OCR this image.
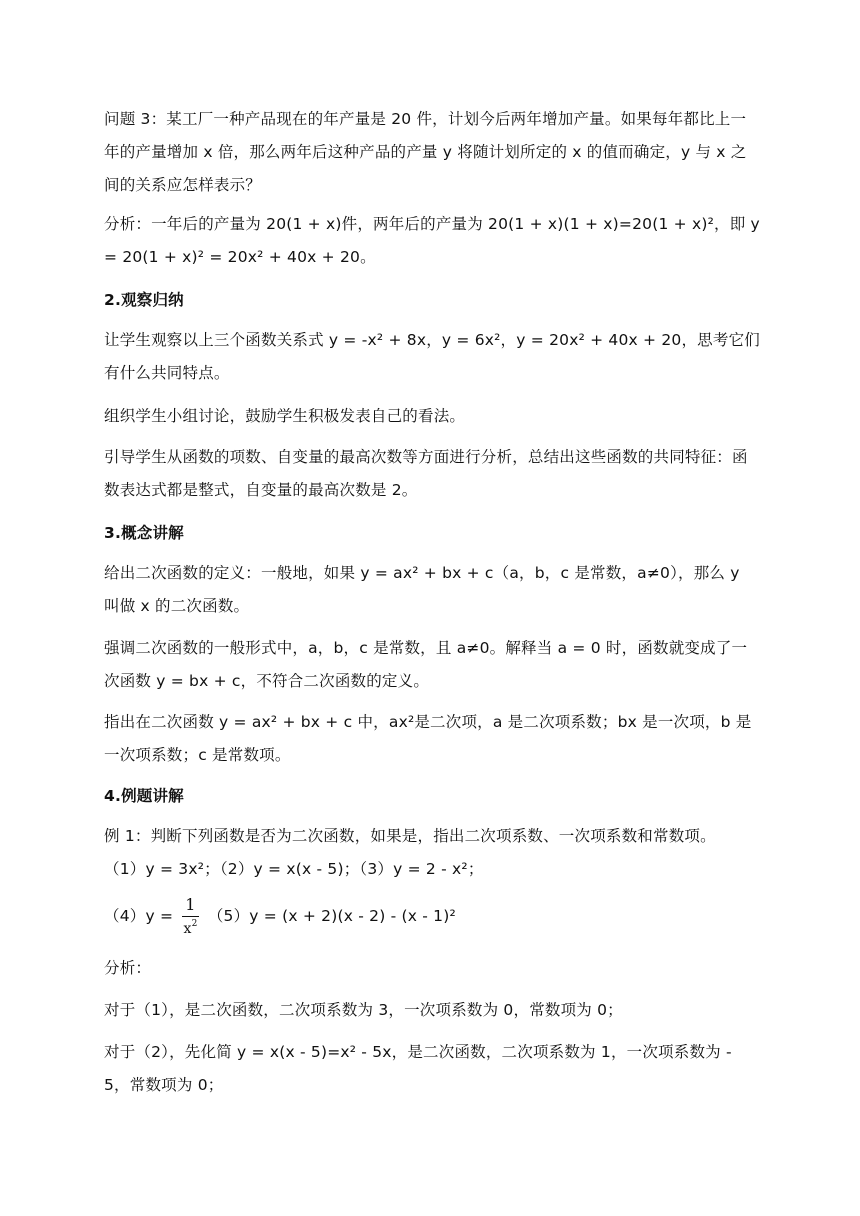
问题 3：某工厂一种产品现在的年产量是 20 件，计划今后两年增加产量。如果每年都比上一年的产量增加 x 倍，那么两年后这种产品的产量 y 将随计划所定的 x 的值而确定，y 与 x 之间的关系应怎样表示？

分析：一年后的产量为 20(1 + x)件，两年后的产量为 20(1 + x)(1 + x)=20(1 + x)²，即 y = 20(1 + x)² = 20x² + 40x + 20。

2.观察归纳

让学生观察以上三个函数关系式 y = -x² + 8x，y = 6x²，y = 20x² + 40x + 20，思考它们有什么共同特点。

组织学生小组讨论，鼓励学生积极发表自己的看法。

引导学生从函数的项数、自变量的最高次数等方面进行分析，总结出这些函数的共同特征：函数表达式都是整式，自变量的最高次数是 2。

3.概念讲解

给出二次函数的定义：一般地，如果 y = ax² + bx + c（a，b，c 是常数，a≠0），那么 y 叫做 x 的二次函数。

强调二次函数的一般形式中，a，b，c 是常数，且 a≠0。解释当 a = 0 时，函数就变成了一次函数 y = bx + c，不符合二次函数的定义。

指出在二次函数 y = ax² + bx + c 中，ax²是二次项，a 是二次项系数；bx 是一次项，b 是一次项系数；c 是常数项。

4.例题讲解

例 1：判断下列函数是否为二次函数，如果是，指出二次项系数、一次项系数和常数项。

（1）y = 3x²；（2）y = x(x - 5)；（3）y = 2 - x²；

$(4)y = \frac{1}{x^2} (5)y = (x + 2)(x - 2) - (x - 1)^2$

分析：

对于（1），是二次函数，二次项系数为 3，一次项系数为 0，常数项为 0；

对于（2），先化简 y = x(x - 5)=x² - 5x，是二次函数，二次项系数为 1，一次项系数为 - 5，常数项为 0；
